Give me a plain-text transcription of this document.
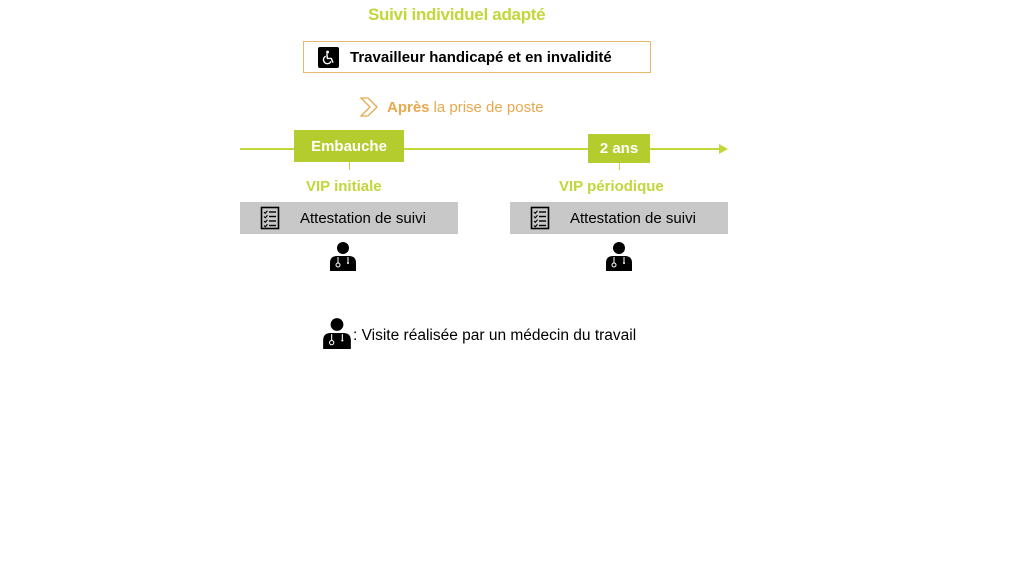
Suivi individuel adapté
Travailleur handicapé et en invalidité
Après la prise de poste
Embauche	2 ans
VIP initiale	VIP périodique
Attestation de suivi	Attestation de suivi
: Visite réalisée par un médecin du travail
